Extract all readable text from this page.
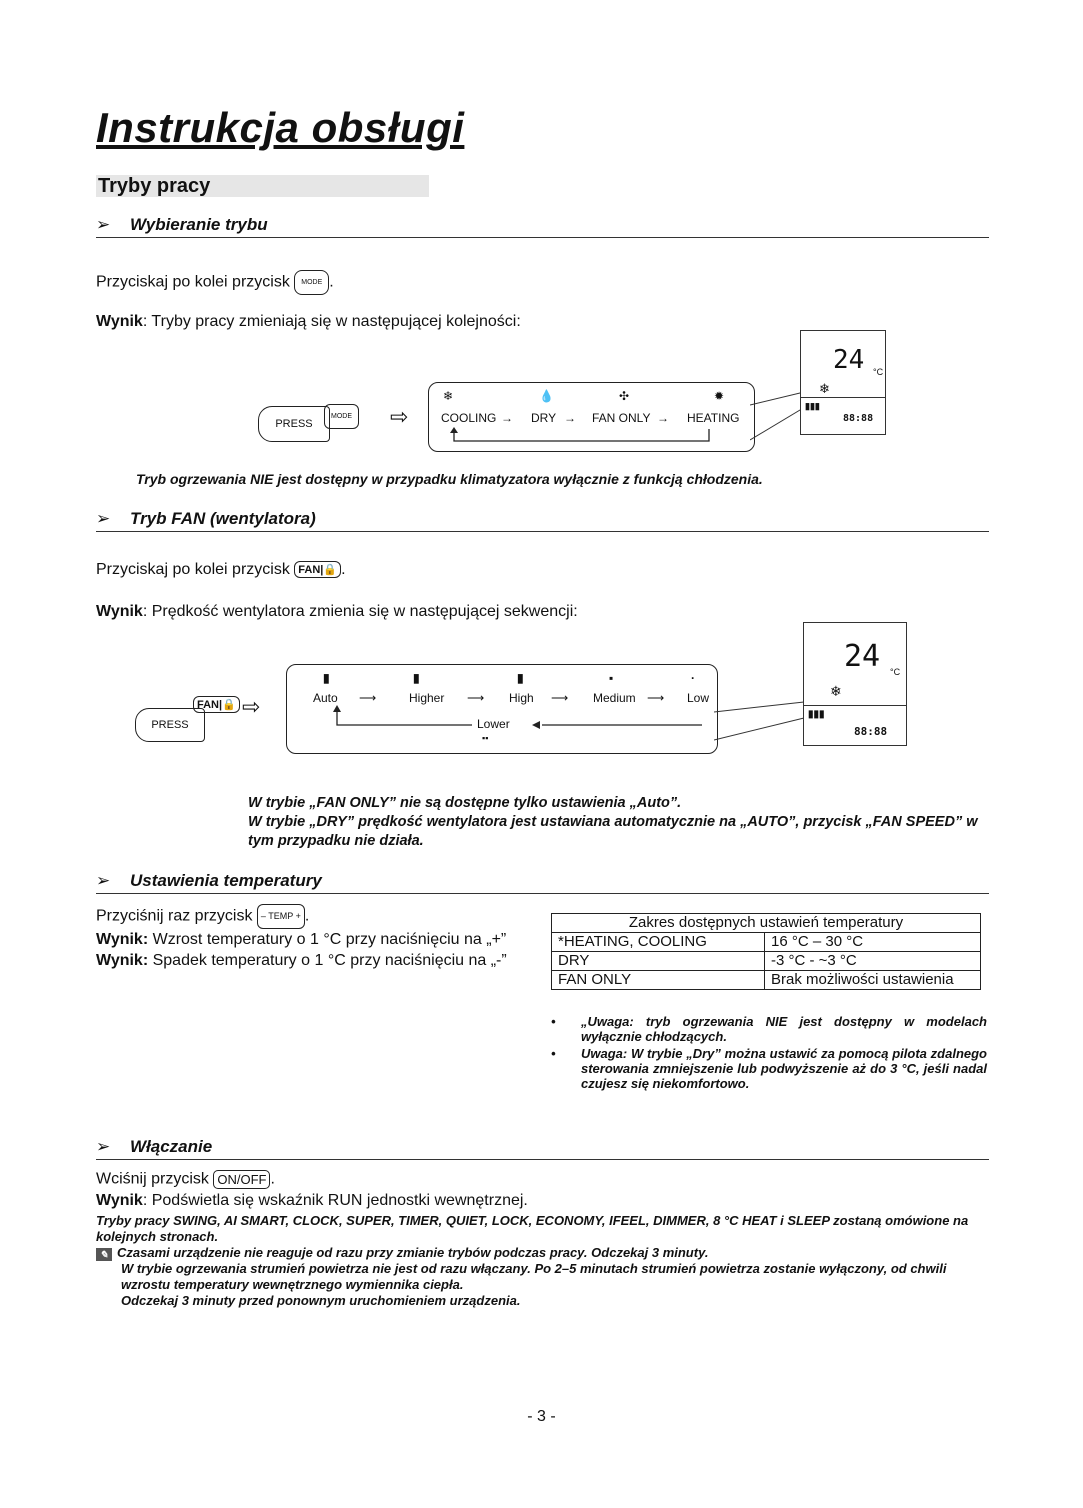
Instrukcja obsługi
Tryby pracy
➢ Wybieranie trybu
Przyciskaj po kolei przycisk MODE .
Wynik: Tryby pracy zmieniają się w następującej kolejności:
PRESS
MODE	⇨
❄	💧	✣	✹
COOLING → DRY → FAN ONLY → HEATING
24 °C
❄
▮▮▮
88:88
Tryb ogrzewania NIE jest dostępny w przypadku klimatyzatora wyłącznie z funkcją chłodzenia.
➢ Tryb FAN (wentylatora)
Przyciskaj po kolei przycisk FAN|🔒 .
Wynik: Prędkość wentylatora zmienia się w następującej sekwencji:
PRESS
FAN|🔒 ⇨
▮	▮	▮	▪	·
Auto ⟶	Higher ⟶ High ⟶ Medium ⟶ Low
Lower
▪▪
24 °C
❄
▮▮▮
88:88
W trybie „FAN ONLY” nie są dostępne tylko ustawienia „Auto”.
W trybie „DRY” prędkość wentylatora jest ustawiana automatycznie na „AUTO”, przycisk „FAN SPEED” w tym przypadku nie działa.
➢ Ustawienia temperatury
Przyciśnij raz przycisk – TEMP + .
Wynik: Wzrost temperatury o 1 °C przy naciśnięciu na „+”
Wynik: Spadek temperatury o 1 °C przy naciśnięciu na „-”
Zakres dostępnych ustawień temperatury	
*HEATING, COOLING	16 °C – 30 °C
DRY	-3 °C - ~3 °C
FAN ONLY	Brak możliwości ustawienia
•	„Uwaga: tryb ogrzewania NIE jest dostępny w modelach wyłącznie chłodzących.
•	Uwaga: W trybie „Dry” można ustawić za pomocą pilota zdalnego sterowania zmniejszenie lub podwyższenie aż do 3 °C, jeśli nadal czujesz się niekomfortowo.
➢ Włączanie
Wciśnij przycisk ON/OFF .
Wynik: Podświetla się wskaźnik RUN jednostki wewnętrznej.
Tryby pracy SWING, AI SMART, CLOCK, SUPER, TIMER, QUIET, LOCK, ECONOMY, IFEEL, DIMMER, 8 °C HEAT i SLEEP zostaną omówione na kolejnych stronach.
✎ Czasami urządzenie nie reaguje od razu przy zmianie trybów podczas pracy. Odczekaj 3 minuty.
W trybie ogrzewania strumień powietrza nie jest od razu włączany. Po 2–5 minutach strumień powietrza zostanie wyłączony, od chwili wzrostu temperatury wewnętrznego wymiennika ciepła.
Odczekaj 3 minuty przed ponownym uruchomieniem urządzenia.
- 3 -
